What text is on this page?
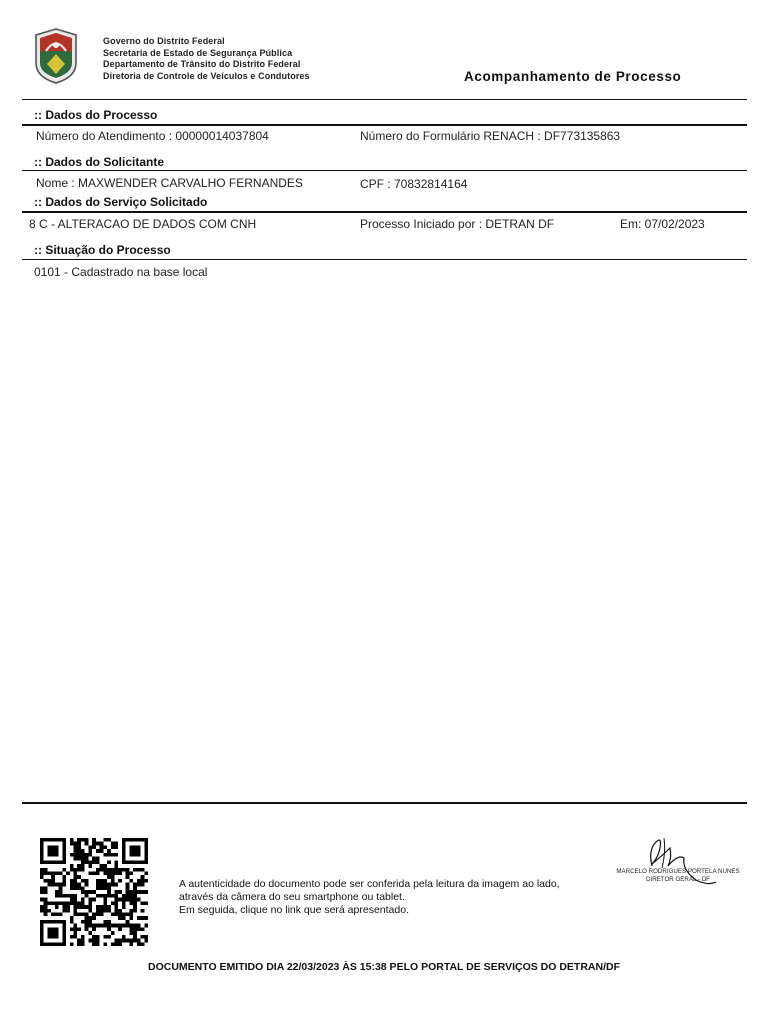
Governo do Distrito Federal
Secretaria de Estado de Segurança Pública
Departamento de Trânsito do Distrito Federal
Diretoria de Controle de Veículos e Condutores	Acompanhamento de Processo
:: Dados do Processo
Número do Atendimento : 00000014037804	Número do Formulário RENACH : DF773135863
:: Dados do Solicitante
Nome : MAXWENDER CARVALHO FERNANDES	CPF : 70832814164
:: Dados do Serviço Solicitado
8 C - ALTERACAO DE DADOS COM CNH	Processo Iniciado por : DETRAN DF	Em: 07/02/2023
:: Situação do Processo
0101 - Cadastrado na base local
A autenticidade do documento pode ser conferida pela leitura da imagem ao lado,
através da câmera do seu smartphone ou tablet.
Em seguida, clique no link que será apresentado.
MARCELO RODRIGUES PORTELA NUNES
DIRETOR GERAL - DF
DOCUMENTO EMITIDO DIA 22/03/2023 ÀS 15:38 PELO PORTAL DE SERVIÇOS DO DETRAN/DF
